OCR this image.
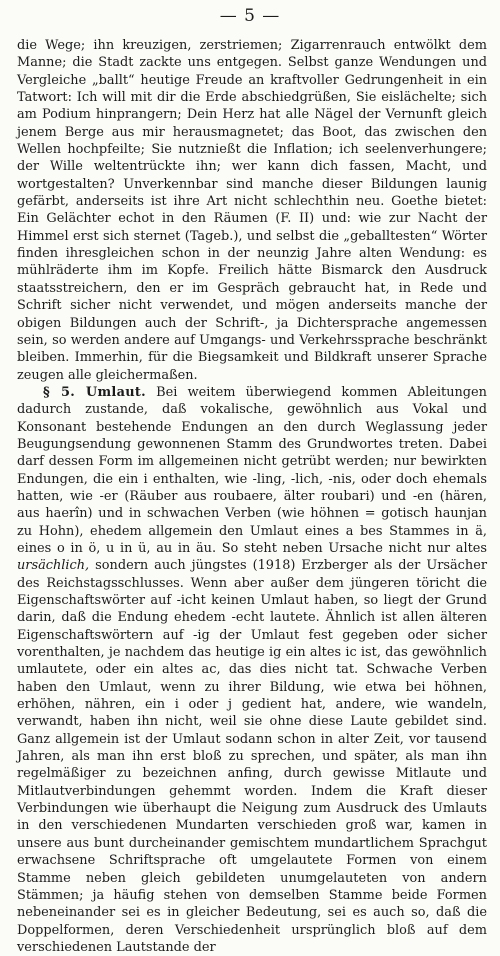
— 5 —

die Wege; ihn kreuzigen, zerstriemen; Zigarrenrauch entwölkt dem Manne; die Stadt zackte uns entgegen. Selbst ganze Wendungen und Vergleiche „ballt“ heutige Freude an kraftvoller Gedrungenheit in ein Tatwort: Ich will mit dir die Erde abschiedgrüßen, Sie eislächelte; sich am Podium hinprangern; Dein Herz hat alle Nägel der Vernunft gleich jenem Berge aus mir herausmagnetet; das Boot, das zwischen den Wellen hochpfeilte; Sie nutznießt die Inflation; ich seelenverhungere; der Wille weltentrückte ihn; wer kann dich fassen, Macht, und wortgestalten? Unverkennbar sind manche dieser Bildungen launig gefärbt, anderseits ist ihre Art nicht schlechthin neu. Goethe bietet: Ein Gelächter echot in den Räumen (F. II) und: wie zur Nacht der Himmel erst sich sternet (Tageb.), und selbst die „geballtesten“ Wörter finden ihresgleichen schon in der neunzig Jahre alten Wendung: es mühlräderte ihm im Kopfe. Freilich hätte Bismarck den Ausdruck staatsstreichern, den er im Gespräch gebraucht hat, in Rede und Schrift sicher nicht verwendet, und mögen anderseits manche der obigen Bildungen auch der Schrift-, ja Dichtersprache angemessen sein, so werden andere auf Umgangs- und Verkehrssprache beschränkt bleiben. Immerhin, für die Biegsamkeit und Bildkraft unserer Sprache zeugen alle gleichermaßen.

§ 5. Umlaut. Bei weitem überwiegend kommen Ableitungen dadurch zustande, daß vokalische, gewöhnlich aus Vokal und Konsonant bestehende Endungen an den durch Weglassung jeder Beugungsendung gewonnenen Stamm des Grundwortes treten. Dabei darf dessen Form im allgemeinen nicht getrübt werden; nur bewirkten Endungen, die ein i enthalten, wie -ling, -lich, -nis, oder doch ehemals hatten, wie -er (Räuber aus roubaere, älter roubari) und -en (hären, aus haerîn) und in schwachen Verben (wie höhnen = gotisch haunjan zu Hohn), ehedem allgemein den Umlaut eines a bes Stammes in ä, eines o in ö, u in ü, au in äu. So steht neben Ursache nicht nur altes ursächlich, sondern auch jüngstes (1918) Erzberger als der Ursächer des Reichstagsschlusses. Wenn aber außer dem jüngeren töricht die Eigenschaftswörter auf -icht keinen Umlaut haben, so liegt der Grund darin, daß die Endung ehedem -echt lautete. Ähnlich ist allen älteren Eigenschaftswörtern auf -ig der Umlaut fest gegeben oder sicher vorenthalten, je nachdem das heutige ig ein altes ic ist, das gewöhnlich umlautete, oder ein altes ac, das dies nicht tat. Schwache Verben haben den Umlaut, wenn zu ihrer Bildung, wie etwa bei höhnen, erhöhen, nähren, ein i oder j gedient hat, andere, wie wandeln, verwandt, haben ihn nicht, weil sie ohne diese Laute gebildet sind. Ganz allgemein ist der Umlaut sodann schon in alter Zeit, vor tausend Jahren, als man ihn erst bloß zu sprechen, und später, als man ihn regelmäßiger zu bezeichnen anfing, durch gewisse Mitlaute und Mitlautverbindungen gehemmt worden. Indem die Kraft dieser Verbindungen wie überhaupt die Neigung zum Ausdruck des Umlauts in den verschiedenen Mundarten verschieden groß war, kamen in unsere aus bunt durcheinander gemischtem mundartlichem Sprachgut erwachsene Schriftsprache oft umgelautete Formen von einem Stamme neben gleich gebildeten unumgelauteten von andern Stämmen; ja häufig stehen von demselben Stamme beide Formen nebeneinander sei es in gleicher Bedeutung, sei es auch so, daß die Doppelformen, deren Verschiedenheit ursprünglich bloß auf dem verschiedenen Lautstande der
